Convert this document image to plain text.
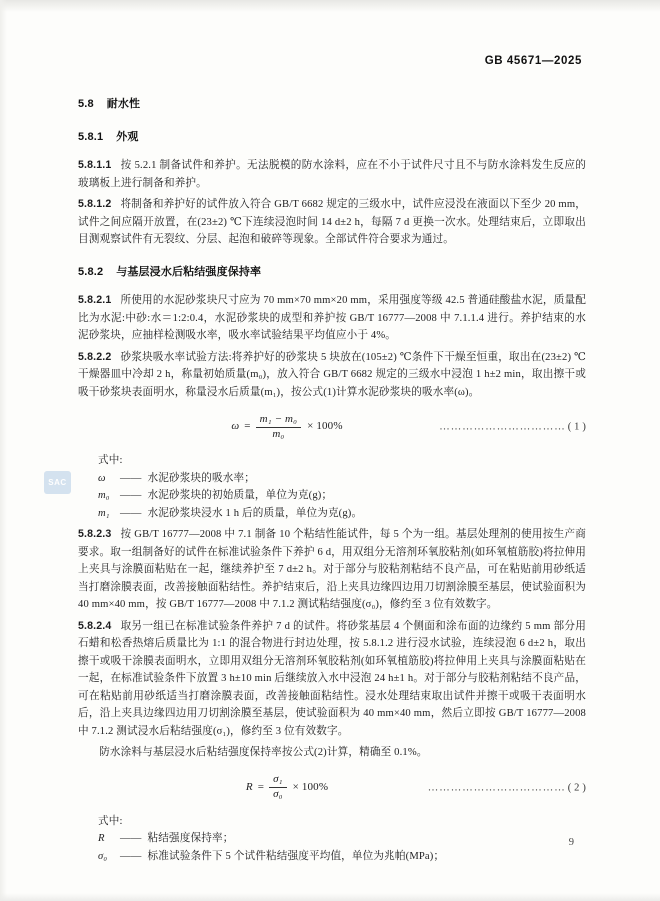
GB 45671—2025
SAC
5.8 耐水性
5.8.1 外观
5.8.1.1 按 5.2.1 制备试件和养护。无法脱模的防水涂料，应在不小于试件尺寸且不与防水涂料发生反应的玻璃板上进行制备和养护。
5.8.1.2 将制备和养护好的试件放入符合 GB/T 6682 规定的三级水中，试件应浸没在液面以下至少 20 mm，试件之间应隔开放置，在(23±2) ℃下连续浸泡时间 14 d±2 h，每隔 7 d 更换一次水。处理结束后，立即取出目测观察试件有无裂纹、分层、起泡和破碎等现象。全部试件符合要求为通过。
5.8.2 与基层浸水后粘结强度保持率
5.8.2.1 所使用的水泥砂浆块尺寸应为 70 mm×70 mm×20 mm，采用强度等级 42.5 普通硅酸盐水泥，质量配比为水泥:中砂:水＝1:2:0.4，水泥砂浆块的成型和养护按 GB/T 16777—2008 中 7.1.1.4 进行。养护结束的水泥砂浆块，应抽样检测吸水率，吸水率试验结果平均值应小于 4%。
5.8.2.2 砂浆块吸水率试验方法:将养护好的砂浆块 5 块放在(105±2) ℃条件下干燥至恒重，取出在(23±2) ℃干燥器皿中冷却 2 h，称量初始质量(m₀)，放入符合 GB/T 6682 规定的三级水中浸泡 1 h±2 min，取出擦干或吸干砂浆块表面明水，称量浸水后质量(m₁)，按公式(1)计算水泥砂浆块的吸水率(ω)。
$\omega = \frac{\text{m₁ − m₀}}{\text{m₀}} \times 100\%$	…………………………… ( 1 )
式中:
ω	—— 水泥砂浆块的吸水率；
m₀ —— 水泥砂浆块的初始质量，单位为克(g)；
m₁ —— 水泥砂浆块浸水 1 h 后的质量，单位为克(g)。
5.8.2.3 按 GB/T 16777—2008 中 7.1 制备 10 个粘结性能试件，每 5 个为一组。基层处理剂的使用按生产商要求。取一组制备好的试件在标准试验条件下养护 6 d，用双组分无溶剂环氧胶粘剂(如环氧植筋胶)将拉伸用上夹具与涂膜面粘贴在一起，继续养护至 7 d±2 h。对于部分与胶粘剂粘结不良产品，可在粘贴前用砂纸适当打磨涂膜表面，改善接触面粘结性。养护结束后，沿上夹具边缘四边用刀切割涂膜至基层，使试验面积为 40 mm×40 mm，按 GB/T 16777—2008 中 7.1.2 测试粘结强度(σ₀)，修约至 3 位有效数字。
5.8.2.4 取另一组已在标准试验条件养护 7 d 的试件。将砂浆基层 4 个侧面和涂布面的边缘约 5 mm 部分用石蜡和松香热熔后质量比为 1:1 的混合物进行封边处理，按 5.8.1.2 进行浸水试验，连续浸泡 6 d±2 h，取出擦干或吸干涂膜表面明水，立即用双组分无溶剂环氧胶粘剂(如环氧植筋胶)将拉伸用上夹具与涂膜面粘贴在一起，在标准试验条件下放置 3 h±10 min 后继续放入水中浸泡 24 h±1 h。对于部分与胶粘剂粘结不良产品，可在粘贴前用砂纸适当打磨涂膜表面，改善接触面粘结性。浸水处理结束取出试件并擦干或吸干表面明水后，沿上夹具边缘四边用刀切割涂膜至基层，使试验面积为 40 mm×40 mm，然后立即按 GB/T 16777—2008 中 7.1.2 测试浸水后粘结强度(σ₁)，修约至 3 位有效数字。
防水涂料与基层浸水后粘结强度保持率按公式(2)计算，精确至 0.1%。
$R = \frac{\text{σ₁}}{\text{σ₀}} \times 100\%$	……………………………… ( 2 )
式中:
R	—— 粘结强度保持率；
σ₀	—— 标准试验条件下 5 个试件粘结强度平均值，单位为兆帕(MPa)；
9
